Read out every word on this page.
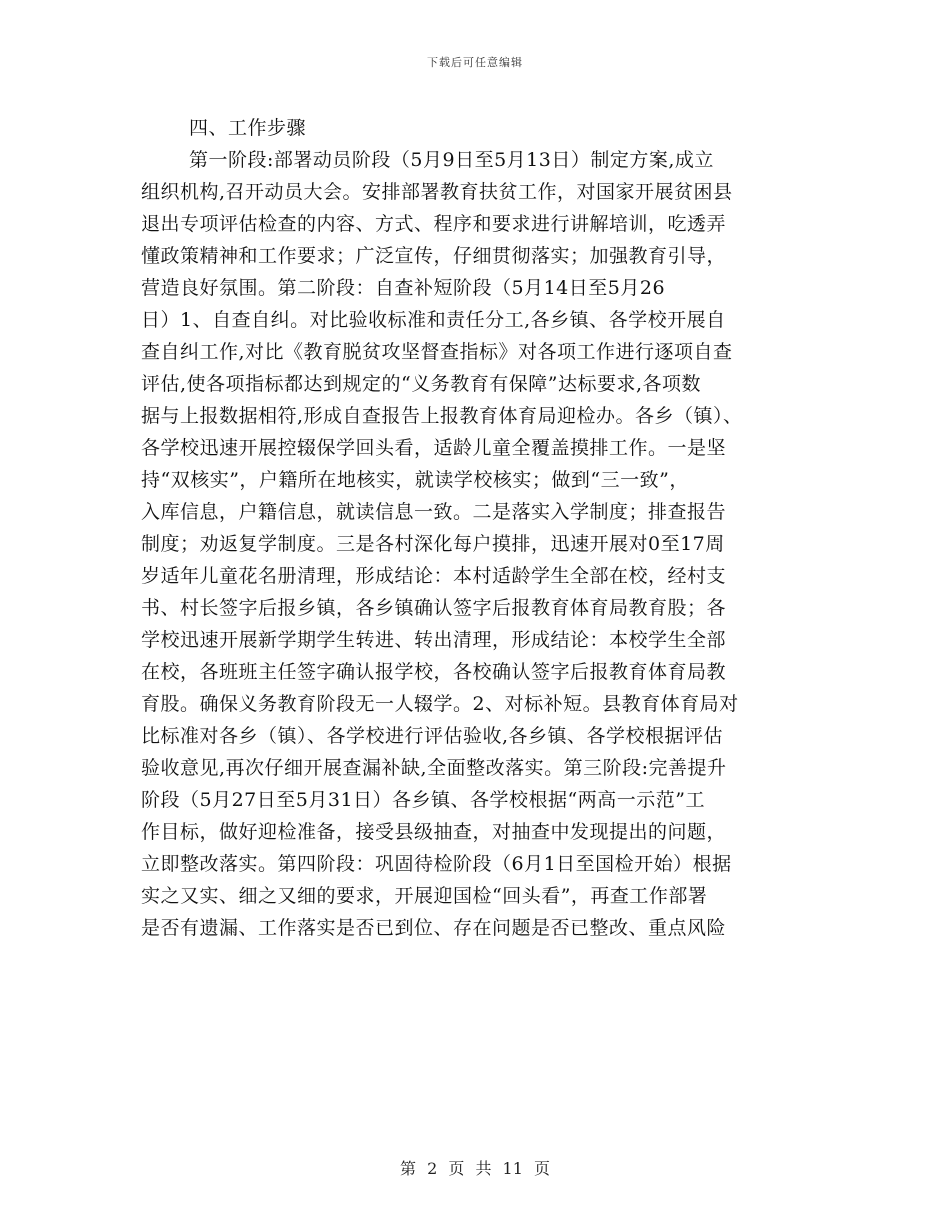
下载后可任意编辑
四、工作步骤
第一阶段:部署动员阶段（5月9日至5月13日）制定方案,成立
组织机构,召开动员大会。安排部署教育扶贫工作，对国家开展贫困县
退出专项评估检查的内容、方式、程序和要求进行讲解培训，吃透弄
懂政策精神和工作要求；广泛宣传，仔细贯彻落实；加强教育引导，
营造良好氛围。第二阶段：自查补短阶段（5月14日至5月26
日）1、自查自纠。对比验收标准和责任分工,各乡镇、各学校开展自
查自纠工作,对比《教育脱贫攻坚督查指标》对各项工作进行逐项自查
评估,使各项指标都达到规定的“义务教育有保障”达标要求,各项数
据与上报数据相符,形成自查报告上报教育体育局迎检办。各乡（镇）、
各学校迅速开展控辍保学回头看，适龄儿童全覆盖摸排工作。一是坚
持“双核实”，户籍所在地核实，就读学校核实；做到“三一致”，
入库信息，户籍信息，就读信息一致。二是落实入学制度；排查报告
制度；劝返复学制度。三是各村深化每户摸排，迅速开展对0至17周
岁适年儿童花名册清理，形成结论：本村适龄学生全部在校，经村支
书、村长签字后报乡镇，各乡镇确认签字后报教育体育局教育股；各
学校迅速开展新学期学生转进、转出清理，形成结论：本校学生全部
在校，各班班主任签字确认报学校，各校确认签字后报教育体育局教
育股。确保义务教育阶段无一人辍学。2、对标补短。县教育体育局对
比标准对各乡（镇）、各学校进行评估验收,各乡镇、各学校根据评估
验收意见,再次仔细开展查漏补缺,全面整改落实。第三阶段:完善提升
阶段（5月27日至5月31日）各乡镇、各学校根据“两高一示范”工
作目标，做好迎检准备，接受县级抽查，对抽查中发现提出的问题，
立即整改落实。第四阶段：巩固待检阶段（6月1日至国检开始）根据
实之又实、细之又细的要求，开展迎国检“回头看”，再查工作部署
是否有遗漏、工作落实是否已到位、存在问题是否已整改、重点风险
第 2 页 共 11 页
